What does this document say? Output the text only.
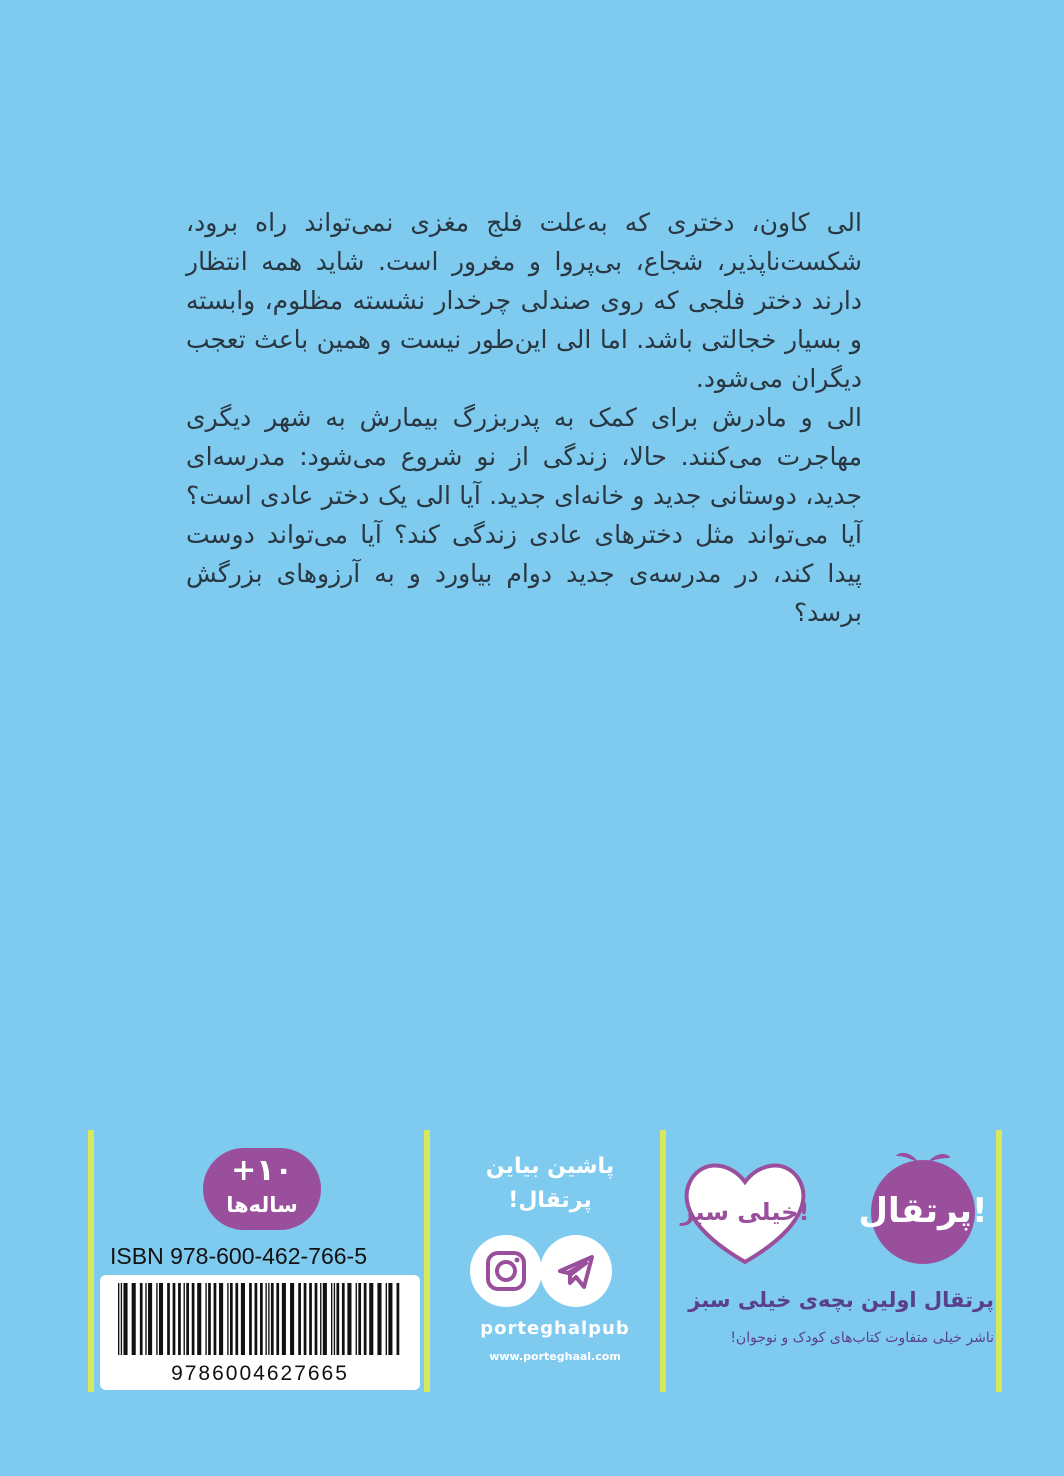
الی کاون، دختری که به‌علت فلج مغزی نمی‌تواند راه برود، شکست‌ناپذیر، شجاع، بی‌پروا و مغرور است. شاید همه انتظار دارند دختر فلجی که روی صندلی چرخدار نشسته مظلوم، وابسته و بسیار خجالتی باشد. اما الی این‌طور نیست و همین باعث تعجب دیگران می‌شود.

الی و مادرش برای کمک به پدربزرگ بیمارش به شهر دیگری مهاجرت می‌کنند. حالا، زندگی از نو شروع می‌شود: مدرسه‌ای جدید، دوستانی جدید و خانه‌ای جدید. آیا الی یک دختر عادی است؟ آیا می‌تواند مثل دخترهای عادی زندگی کند؟ آیا می‌تواند دوست پیدا کند، در مدرسه‌ی جدید دوام بیاورد و به آرزوهای بزرگش برسد؟

پرتقال!
خیلی سبز!
پرتقال اولین بچه‌ی خیلی سبز
ناشر خیلی متفاوت کتاب‌های کودک و نوجوان!
پاشین بیاین
پرتقال!
porteghalpub
www.porteghaal.com
+۱۰
ساله‌ها
ISBN 978-600-462-766-5
9786004627665
